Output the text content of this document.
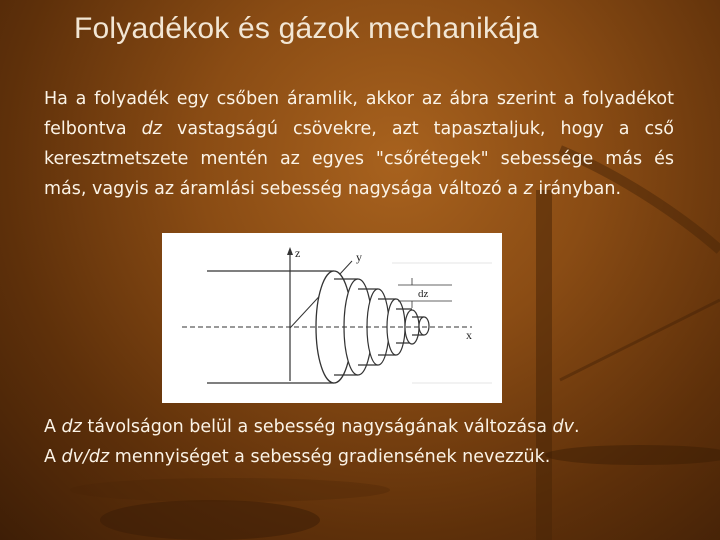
Folyadékok és gázok mechanikája
Ha a folyadék egy csőben áramlik, akkor az ábra szerint a folyadékot felbontva dz vastagságú csövekre, azt tapasztaljuk, hogy a cső keresztmetszete mentén az egyes "csőrétegek" sebessége más és más, vagyis az áramlási sebesség nagysága változó a z irányban.
z	y
x
dz
A dz távolságon belül a sebesség nagyságának változása dv.
A dv/dz mennyiséget a sebesség gradiensének nevezzük.
